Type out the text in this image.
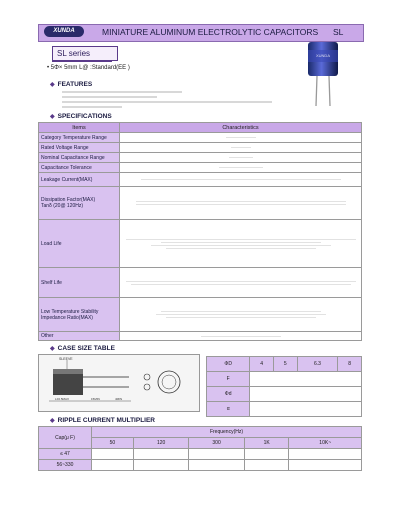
XUNDA	MINIATURE ALUMINUM ELECTROLYTIC CAPACITORS SL
SL series
• 5Φ× 5mm L@ :Standard(EE )
XUNDA
◆ FEATURES
◆ SPECIFICATIONS
Items	Characteristics
Category Temperature Range	

Rated Voltage Range	

Nominal Capacitance Range	

Capacitance Tolerance	

Leakage Current(MAX)	

Dissipation Factor(MAX)
Tanδ (20@ 120Hz)	

Load Life	

Shelf Life	

Low Temperature Stability
Impedance Ratio(MAX)	

Other	
◆ CASE SIZE TABLE
SLEEVE
L±0.5MAX	15MIN	4MIN
ΦD	4	5	6.3	8
F				
Φd				
α				
◆ RIPPLE CURRENT MULTIPLIER
Cap(μ F)	Frequency(Hz)				
	50	120	300	1K	10K~
≤ 47					
56~330					
